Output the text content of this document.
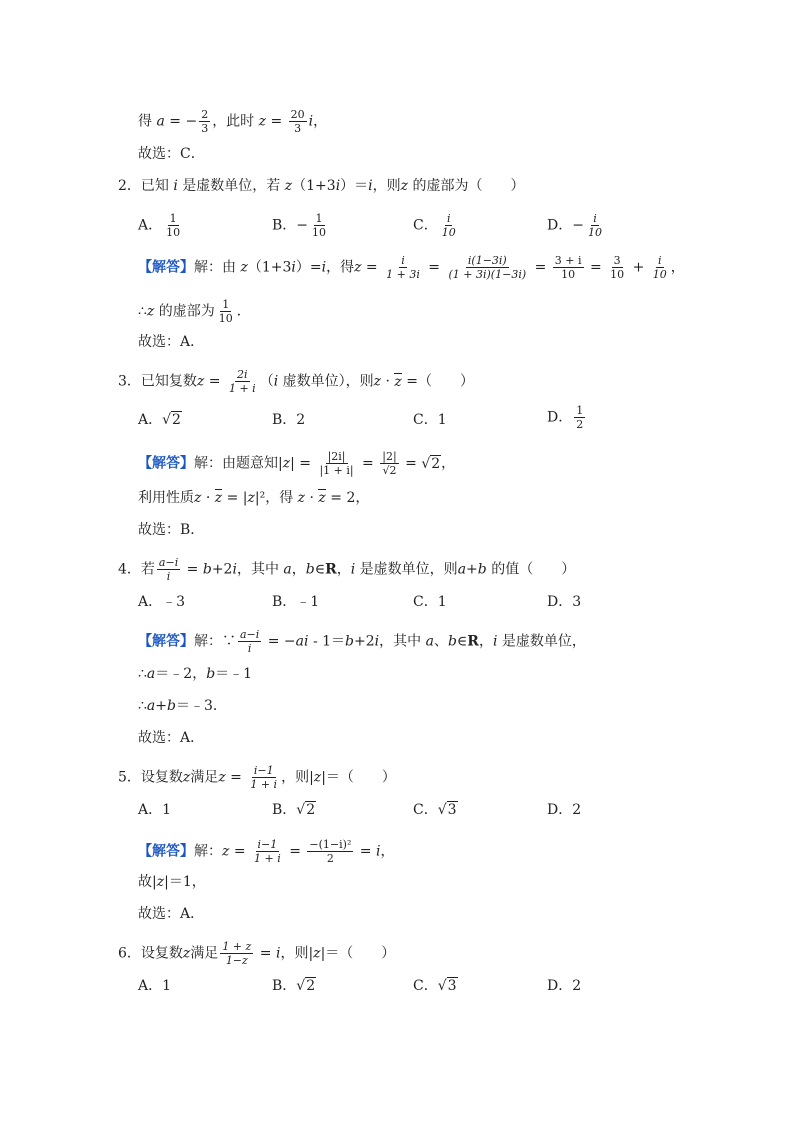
得 a = − $\frac{2}{3}$ ，此时 $z = \frac{20}{3}$ i，
故选：C．
2．已知 i 是虚数单位，若 z（1+3i）＝i，则z 的虚部为（　　）
A． $\frac{1}{10}$	B．− $\frac{1}{10}$	C． $\frac{i}{10}$	D．− $\frac{i}{10}$
【解答】解：由 z（1+3i）=i，得$z = \frac{i}{1 + 3i} = \frac{i(1-3i)}{(1 + 3i)(1-3i)} = \frac{3 + i}{10} = \frac{3}{10} + \frac{i}{10}$ ，
∴z 的虚部为 $\frac{1}{10}$ ．
故选：A．
3．已知复数$z = \frac{2i}{1 + i} (i$ 虚数单位），则z · z =（　　）
A．√2	B．2	C．1	D． $\frac{1}{2}$
【解答】解：由题意知$|z| = \frac{|2i|}{|1 + i|} = \frac{|2|}{√2} = √2$，
利用性质z · z = |z|²，得 z · z = 2，
故选：B．
4．若 $\frac{a-i}{i} = b+2i$，其中 a，b∈R，i 是虚数单位，则a+b 的值（　　）
A．﹣3	B．﹣1	C．1	D．3
【解答】解：∵ $\frac{a-i}{i} = -ai - 1=b+2i$，其中 a、b∈R，i 是虚数单位，
∴a＝﹣2，b＝﹣1
∴a+b＝﹣3．
故选：A．
5．设复数z满足$z = \frac{i-1}{1 + i}$ ，则|z|＝（　　）
A．1	B．√2	C．√3	D．2
【解答】解：$z = \frac{i-1}{1 + i} = \frac{\text{−(1−i)²}}{2} = i$，
故|z|＝1，
故选：A．
6．设复数z满足 $\frac{1 + z}{1-z} = i$，则|z|＝（　　）
A．1	B．√2	C．√3	D．2
